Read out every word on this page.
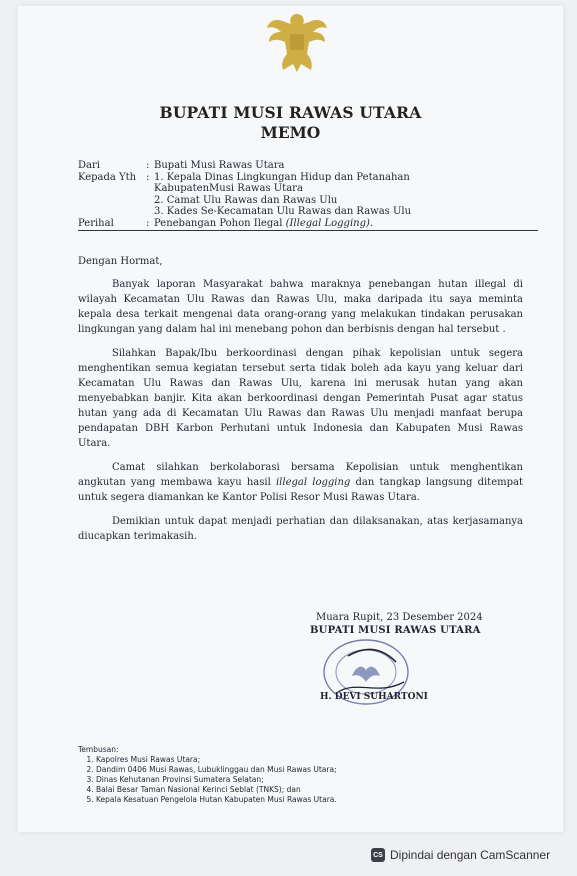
BUPATI MUSI RAWAS UTARA
MEMO
Dari	: Bupati Musi Rawas Utara
Kepada Yth : 1. Kepala Dinas Lingkungan Hidup dan Petanahan
KabupatenMusi Rawas Utara
2. Camat Ulu Rawas dan Rawas Ulu
3. Kades Se-Kecamatan Ulu Rawas dan Rawas Ulu
Perihal	: Penebangan Pohon Ilegal (Illegal Logging).

Dengan Hormat,

Banyak laporan Masyarakat bahwa maraknya penebangan hutan illegal di wilayah Kecamatan Ulu Rawas dan Rawas Ulu, maka daripada itu saya meminta kepala desa terkait mengenai data orang-orang yang melakukan tindakan perusakan lingkungan yang dalam hal ini menebang pohon dan berbisnis dengan hal tersebut .

Silahkan Bapak/Ibu berkoordinasi dengan pihak kepolisian untuk segera menghentikan semua kegiatan tersebut serta tidak boleh ada kayu yang keluar dari Kecamatan Ulu Rawas dan Rawas Ulu, karena ini merusak hutan yang akan menyebabkan banjir. Kita akan berkoordinasi dengan Pemerintah Pusat agar status hutan yang ada di Kecamatan Ulu Rawas dan Rawas Ulu menjadi manfaat berupa pendapatan DBH Karbon Perhutani untuk Indonesia dan Kabupaten Musi Rawas Utara.

Camat silahkan berkolaborasi bersama Kepolisian untuk menghentikan angkutan yang membawa kayu hasil illegal logging dan tangkap langsung ditempat untuk segera diamankan ke Kantor Polisi Resor Musi Rawas Utara.

Demikian untuk dapat menjadi perhatian dan dilaksanakan, atas kerjasamanya diucapkan terimakasih.

Muara Rupit, 23 Desember 2024
BUPATI MUSI RAWAS UTARA
H. DEVI SUHARTONI
Tembusan:
1. Kapolres Musi Rawas Utara;
2. Dandim 0406 Musi Rawas, Lubuklinggau dan Musi Rawas Utara;
3. Dinas Kehutanan Provinsi Sumatera Selatan;
4. Balai Besar Taman Nasional Kerinci Seblat (TNKS); dan
5. Kepala Kesatuan Pengelola Hutan Kabupaten Musi Rawas Utara.
CS Dipindai dengan CamScanner
